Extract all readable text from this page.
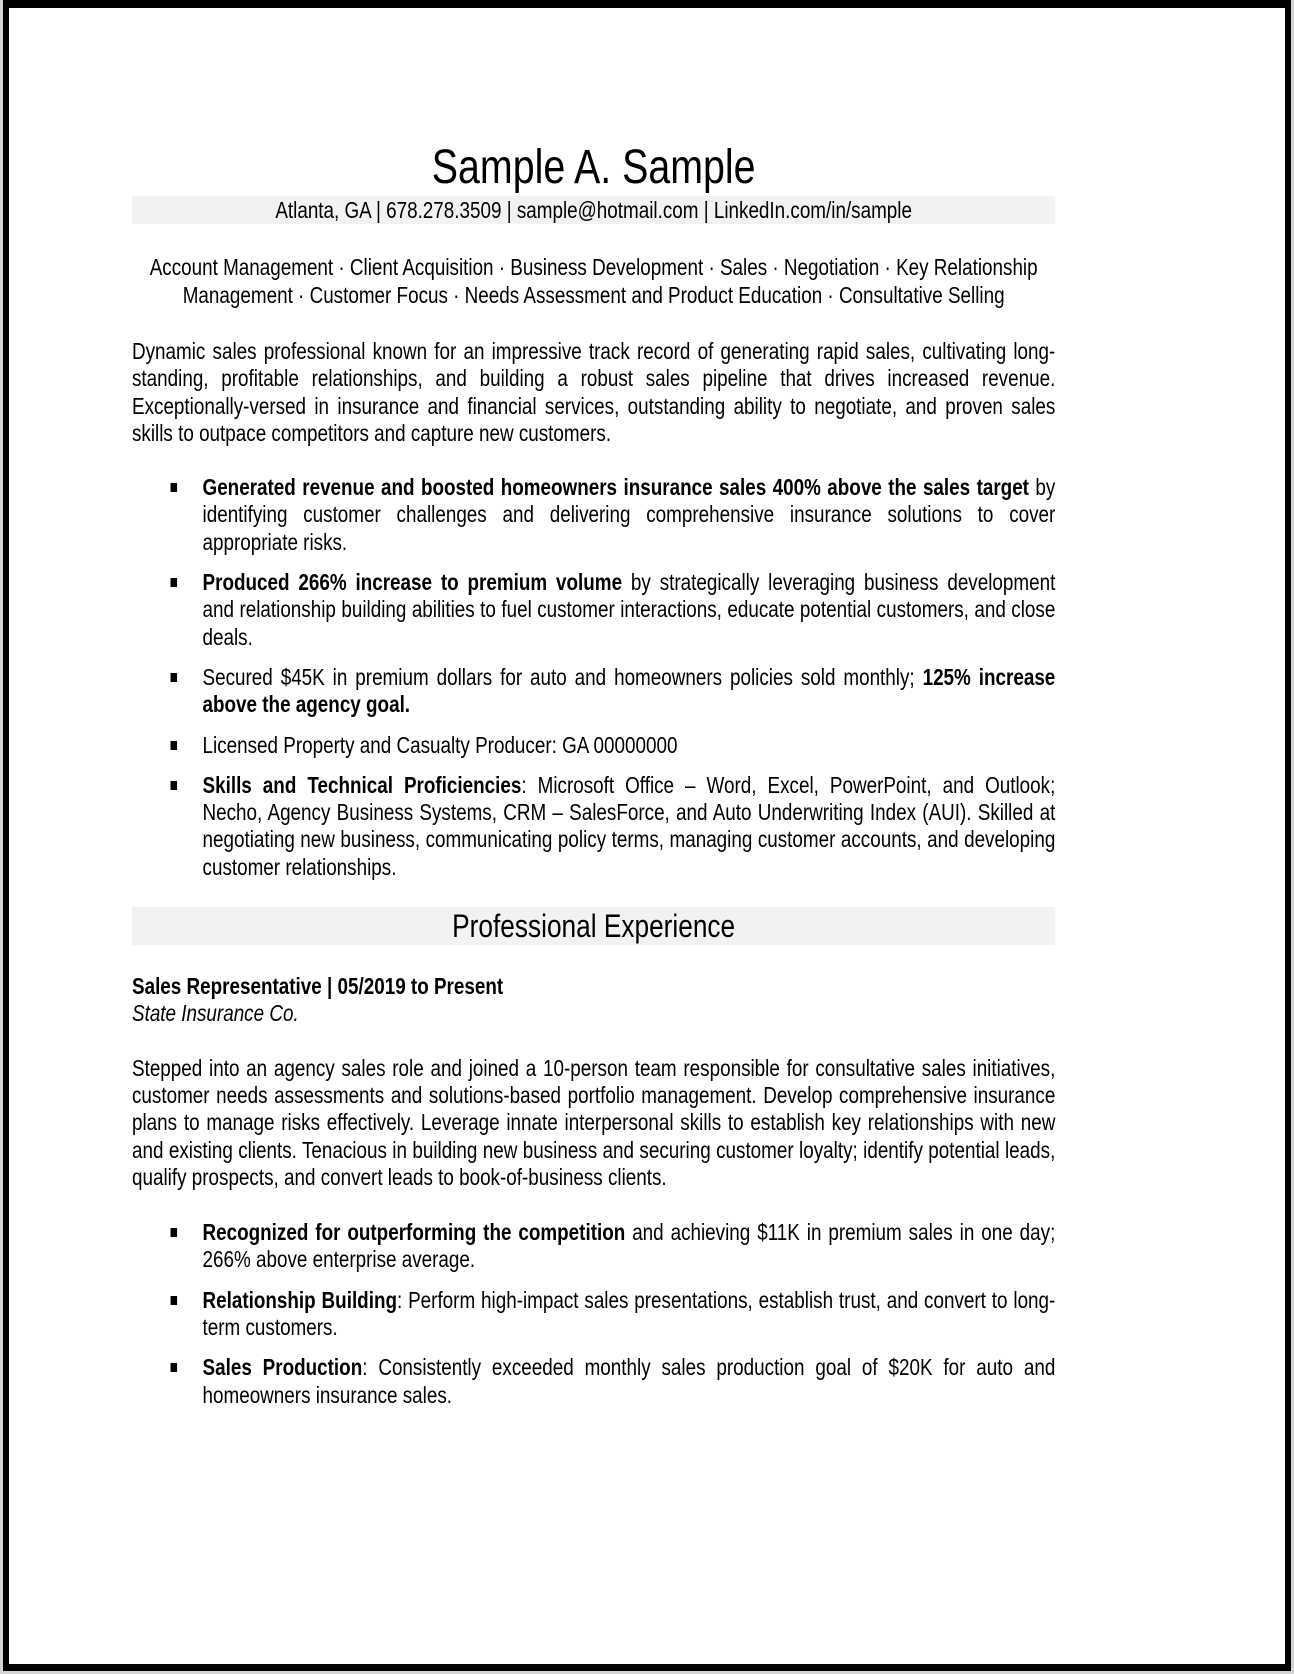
Sample A. Sample
Atlanta, GA | 678.278.3509 | sample@hotmail.com | LinkedIn.com/in/sample
Account Management · Client Acquisition · Business Development · Sales · Negotiation · Key Relationship Management · Customer Focus · Needs Assessment and Product Education · Consultative Selling
Dynamic sales professional known for an impressive track record of generating rapid sales, cultivating long-standing, profitable relationships, and building a robust sales pipeline that drives increased revenue. Exceptionally-versed in insurance and financial services, outstanding ability to negotiate, and proven sales skills to outpace competitors and capture new customers.
Generated revenue and boosted homeowners insurance sales 400% above the sales target by identifying customer challenges and delivering comprehensive insurance solutions to cover appropriate risks.
Produced 266% increase to premium volume by strategically leveraging business development and relationship building abilities to fuel customer interactions, educate potential customers, and close deals.
Secured $45K in premium dollars for auto and homeowners policies sold monthly; 125% increase above the agency goal.
Licensed Property and Casualty Producer: GA 00000000
Skills and Technical Proficiencies: Microsoft Office – Word, Excel, PowerPoint, and Outlook; Necho, Agency Business Systems, CRM – SalesForce, and Auto Underwriting Index (AUI). Skilled at negotiating new business, communicating policy terms, managing customer accounts, and developing customer relationships.
Professional Experience
Sales Representative | 05/2019 to Present
State Insurance Co.
Stepped into an agency sales role and joined a 10-person team responsible for consultative sales initiatives, customer needs assessments and solutions-based portfolio management. Develop comprehensive insurance plans to manage risks effectively. Leverage innate interpersonal skills to establish key relationships with new and existing clients. Tenacious in building new business and securing customer loyalty; identify potential leads, qualify prospects, and convert leads to book-of-business clients.
Recognized for outperforming the competition and achieving $11K in premium sales in one day; 266% above enterprise average.
Relationship Building: Perform high-impact sales presentations, establish trust, and convert to long-term customers.
Sales Production: Consistently exceeded monthly sales production goal of $20K for auto and homeowners insurance sales.
